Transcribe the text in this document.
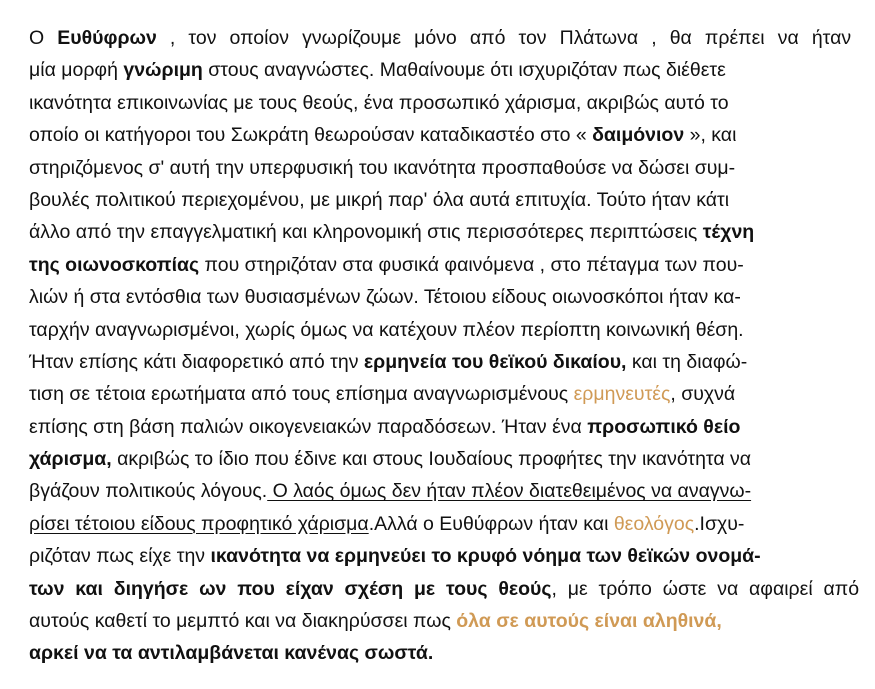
Ο Ευθύφρων , τον οποίον γνωρίζουμε μόνο από τον Πλάτωνα , θα πρέπει να ήταν
μία μορφή γνώριμη στους αναγνώστες. Μαθαίνουμε ότι ισχυριζόταν πως διέθετε
ικανότητα επικοινωνίας με τους θεούς, ένα προσωπικό χάρισμα, ακριβώς αυτό το
οποίο οι κατήγοροι του Σωκράτη θεωρούσαν καταδικαστέο στο « δαιμόνιον », και
στηριζόμενος σ' αυτή την υπερφυσική του ικανότητα προσπαθούσε να δώσει συμ-
βουλές πολιτικού περιεχομένου, με μικρή παρ' όλα αυτά επιτυχία. Τούτο ήταν κάτι
άλλο από την επαγγελματική και κληρονομική στις περισσότερες περιπτώσεις τέχνη
της οιωνοσκοπίας που στηριζόταν στα φυσικά φαινόμενα , στο πέταγμα των που-
λιών ή στα εντόσθια των θυσιασμένων ζώων. Τέτοιου είδους οιωνοσκόποι ήταν κα-
ταρχήν αναγνωρισμένοι, χωρίς όμως να κατέχουν πλέον περίοπτη κοινωνική θέση.
Ήταν επίσης κάτι διαφορετικό από την ερμηνεία του θεϊκού δικαίου, και τη διαφώ-
τιση σε τέτοια ερωτήματα από τους επίσημα αναγνωρισμένους ερμηνευτές, συχνά
επίσης στη βάση παλιών οικογενειακών παραδόσεων. Ήταν ένα προσωπικό θείο
χάρισμα, ακριβώς το ίδιο που έδινε και στους Ιουδαίους προφήτες την ικανότητα να
βγάζουν πολιτικούς λόγους. Ο λαός όμως δεν ήταν πλέον διατεθειμένος να αναγνω-
ρίσει τέτοιου είδους προφητικό χάρισμα.Αλλά ο Ευθύφρων ήταν και θεολόγος.Ισχυ-
ριζόταν πως είχε την ικανότητα να ερμηνεύει το κρυφό νόημα των θεϊκών ονομά-
των και διηγήσε ων που είχαν σχέση με τους θεούς, με τρόπο ώστε να αφαιρεί από
αυτούς καθετί το μεμπτό και να διακηρύσσει πως όλα σε αυτούς είναι αληθινά,
αρκεί να τα αντιλαμβάνεται κανένας σωστά.
